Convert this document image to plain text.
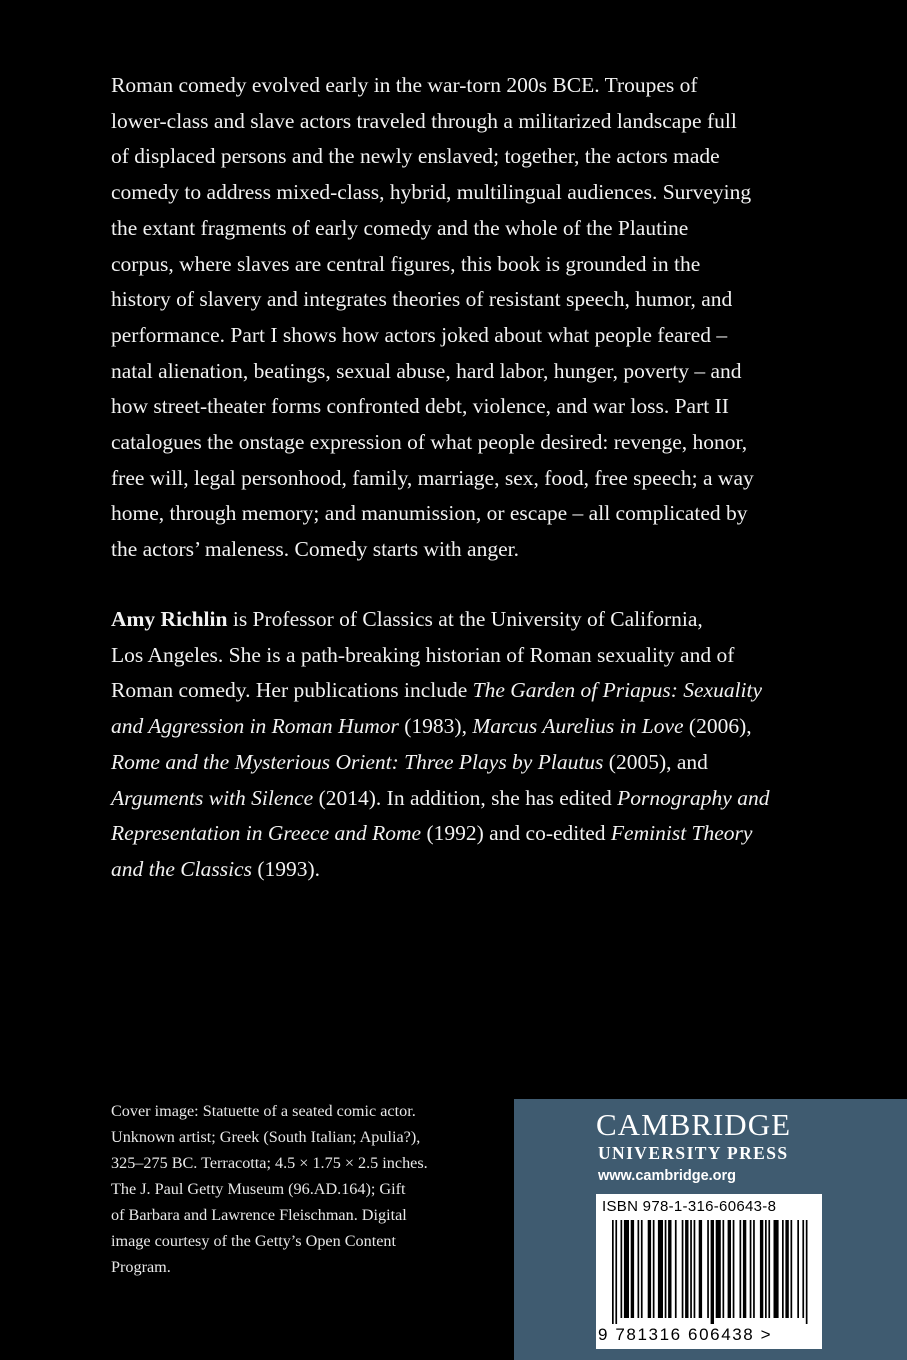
Roman comedy evolved early in the war-torn 200s BCE. Troupes of

lower-class and slave actors traveled through a militarized landscape full

of displaced persons and the newly enslaved; together, the actors made

comedy to address mixed-class, hybrid, multilingual audiences. Surveying

the extant fragments of early comedy and the whole of the Plautine

corpus, where slaves are central figures, this book is grounded in the

history of slavery and integrates theories of resistant speech, humor, and

performance. Part I shows how actors joked about what people feared –

natal alienation, beatings, sexual abuse, hard labor, hunger, poverty – and

how street-theater forms confronted debt, violence, and war loss. Part II

catalogues the onstage expression of what people desired: revenge, honor,

free will, legal personhood, family, marriage, sex, food, free speech; a way

home, through memory; and manumission, or escape – all complicated by

the actors’ maleness. Comedy starts with anger.

Amy Richlin is Professor of Classics at the University of California,

Los Angeles. She is a path-breaking historian of Roman sexuality and of

Roman comedy. Her publications include The Garden of Priapus: Sexuality

and Aggression in Roman Humor (1983), Marcus Aurelius in Love (2006),

Rome and the Mysterious Orient: Three Plays by Plautus (2005), and

Arguments with Silence (2014). In addition, she has edited Pornography and

Representation in Greece and Rome (1992) and co-edited Feminist Theory

and the Classics (1993).

Cover image: Statuette of a seated comic actor.
Unknown artist; Greek (South Italian; Apulia?),
325–275 BC. Terracotta; 4.5 × 1.75 × 2.5 inches.
The J. Paul Getty Museum (96.AD.164); Gift
of Barbara and Lawrence Fleischman. Digital
image courtesy of the Getty’s Open Content
Program.
CAMBRIDGE
UNIVERSITY PRESS
www.cambridge.org
ISBN 978-1-316-60643-8
9 781316 606438 >
